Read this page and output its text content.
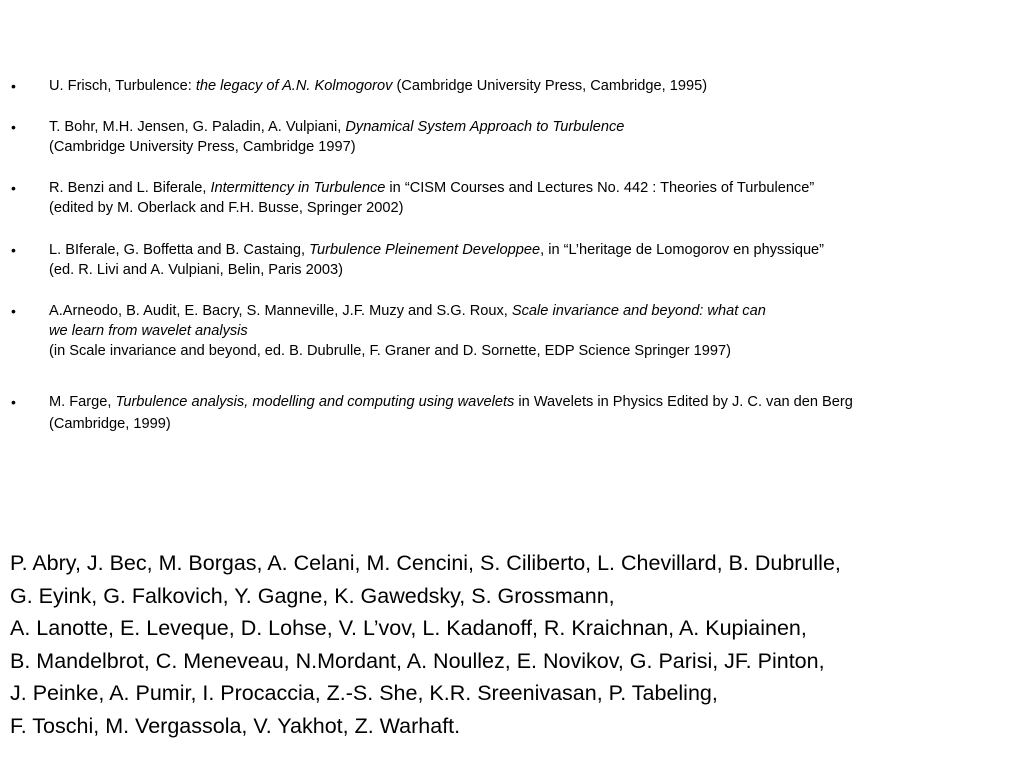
• U. Frisch, Turbulence: the legacy of A.N. Kolmogorov (Cambridge University Press, Cambridge, 1995)
• T. Bohr, M.H. Jensen, G. Paladin, A. Vulpiani, Dynamical System Approach to Turbulence
(Cambridge University Press, Cambridge 1997)
• R. Benzi and L. Biferale, Intermittency in Turbulence in “CISM Courses and Lectures No. 442 : Theories of Turbulence”
(edited by M. Oberlack and F.H. Busse, Springer 2002)
• L. BIferale, G. Boffetta and B. Castaing, Turbulence Pleinement Developpee, in “L’heritage de Lomogorov en physsique”
(ed. R. Livi and A. Vulpiani, Belin, Paris 2003)
• A.Arneodo, B. Audit, E. Bacry, S. Manneville, J.F. Muzy and S.G. Roux, Scale invariance and beyond: what can
we learn from wavelet analysis
(in Scale invariance and beyond, ed. B. Dubrulle, F. Graner and D. Sornette, EDP Science Springer 1997)
• M. Farge, Turbulence analysis, modelling and computing using wavelets in Wavelets in Physics Edited by J. C. van den Berg
(Cambridge, 1999)
P. Abry, J. Bec, M. Borgas, A. Celani, M. Cencini, S. Ciliberto, L. Chevillard, B. Dubrulle,
G. Eyink, G. Falkovich, Y. Gagne, K. Gawedsky, S. Grossmann,
A. Lanotte, E. Leveque, D. Lohse, V. L’vov, L. Kadanoff, R. Kraichnan, A. Kupiainen,
B. Mandelbrot, C. Meneveau, N.Mordant, A. Noullez, E. Novikov, G. Parisi, JF. Pinton,
J. Peinke, A. Pumir, I. Procaccia, Z.-S. She, K.R. Sreenivasan, P. Tabeling,
F. Toschi, M. Vergassola, V. Yakhot, Z. Warhaft.
